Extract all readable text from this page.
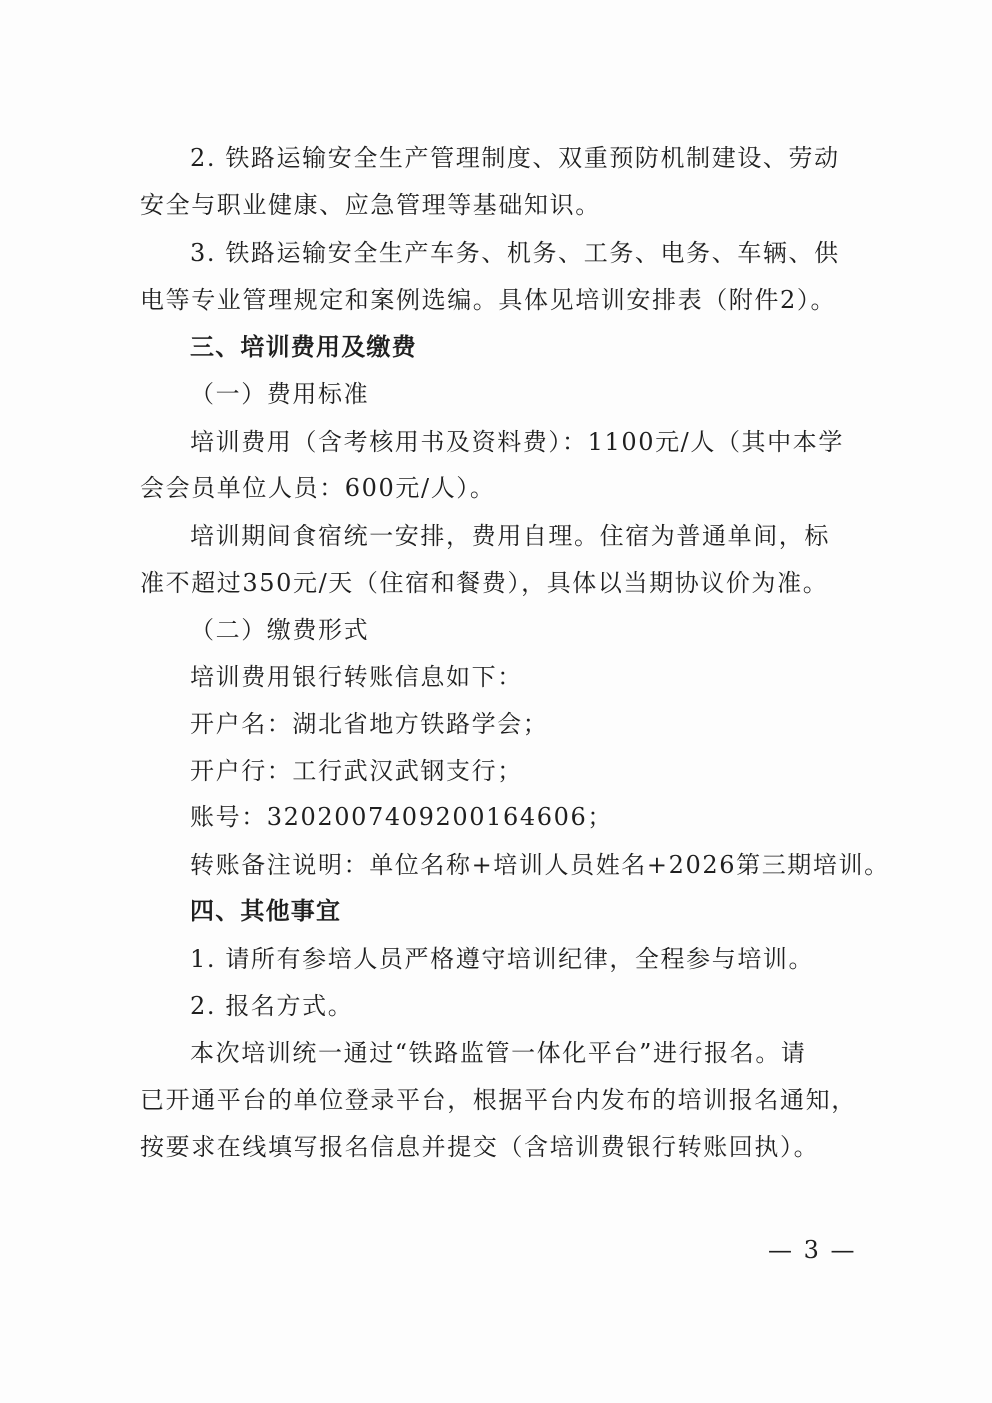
2. 铁路运输安全生产管理制度、双重预防机制建设、劳动
安全与职业健康、应急管理等基础知识。
3. 铁路运输安全生产车务、机务、工务、电务、车辆、供
电等专业管理规定和案例选编。具体见培训安排表（附件2）。
三、培训费用及缴费
（一）费用标准
培训费用（含考核用书及资料费）：1100元/人（其中本学
会会员单位人员：600元/人）。
培训期间食宿统一安排，费用自理。住宿为普通单间，标
准不超过350元/天（住宿和餐费），具体以当期协议价为准。
（二）缴费形式
培训费用银行转账信息如下：
开户名：湖北省地方铁路学会；
开户行：工行武汉武钢支行；
账号：3202007409200164606；
转账备注说明：单位名称+培训人员姓名+2026第三期培训。
四、其他事宜
1. 请所有参培人员严格遵守培训纪律，全程参与培训。
2. 报名方式。
本次培训统一通过“铁路监管一体化平台”进行报名。请
已开通平台的单位登录平台，根据平台内发布的培训报名通知，
按要求在线填写报名信息并提交（含培训费银行转账回执）。
— 3 —
